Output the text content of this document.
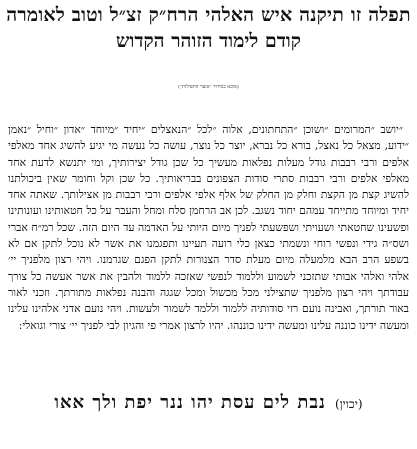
תפלה זו תיקנה איש האלהי הרח״ק זצ״ל וטוב לאומרה
קודם לימוד הזוהר הקדוש
(מובא בסידור ״אוצר התפילות״)

״יושב ״המרומים ״ושוכן ״התחתונים, אלוה ״לכל ״הנאצלים ״יחיד ״מיוחד ״אדון ״וחיל ״נאמן ״ידוע, מצאל כל נאצל, בורא כל נברא, יוצר כל נוצר, עושה כל נעשה מי יגיע להשיג אחד מאלפי אלפים ורבי רבבות גודל מעלות נפלאות מעשיך כל שכן גודל יצירותיך, ומי יתנשא לדעת אחד מאלפי אלפים ורבי רבבות סתרי סודות הצפונים בבריאותיך. כל שכן וקל וחומר שאין ביכולתנו להשיג קצת מן הקצת וחלק מן החלק של אלף אלפי אלפים ורבי רבבות מן אצילותך. שאתה אחד יחיד ומיוחד מתייחד עמהם יחוד נשגב. לכן אב הרחמן סלח ומחל והעבר על כל חטאותינו ועונותינו ופשעינו שחטאתי ושעויתי ושפשעתי לפניך מיום היותי על האדמה עד היום הזה. שכל רמ״ח אברי ושס״ה גידי ונפשי רוחי ונשמתי כצאן כלי רועה תעיינו ותפגמנו את אשר לא נוכל לתקן אם לא בשפע הרב הבא מלמעלה מיום מעלת סדר הצנורות לתקן הפגם שגרמנו. ויהי רצון מלפניך יי׳ אלהי ואלהי אבותי שתזכני לשמוע וללמוד לנפשי שאזכה ללמוד ולהבין את אשר אעשה כל צורך עבודתך ויהי רצון מלפניך שתצילני מכל מכשול ומכל שגגה והבנה נפלאות מתורתך. וזכני לאור באור תורתך, ואבינה נועם רזי סודותיה ללמוד וללמד לשמור ולעשות. ויהי נועם אדני אלהינו עלינו ומעשה ידינו כוננה עלינו ומעשה ידינו כוננהו. יהיו לרצון אמרי פי והגיון לבי לפניך יי׳ צורי וגואלי:

(יכוין) נבת לים עסת יהו ננר יפת ולך אאו
